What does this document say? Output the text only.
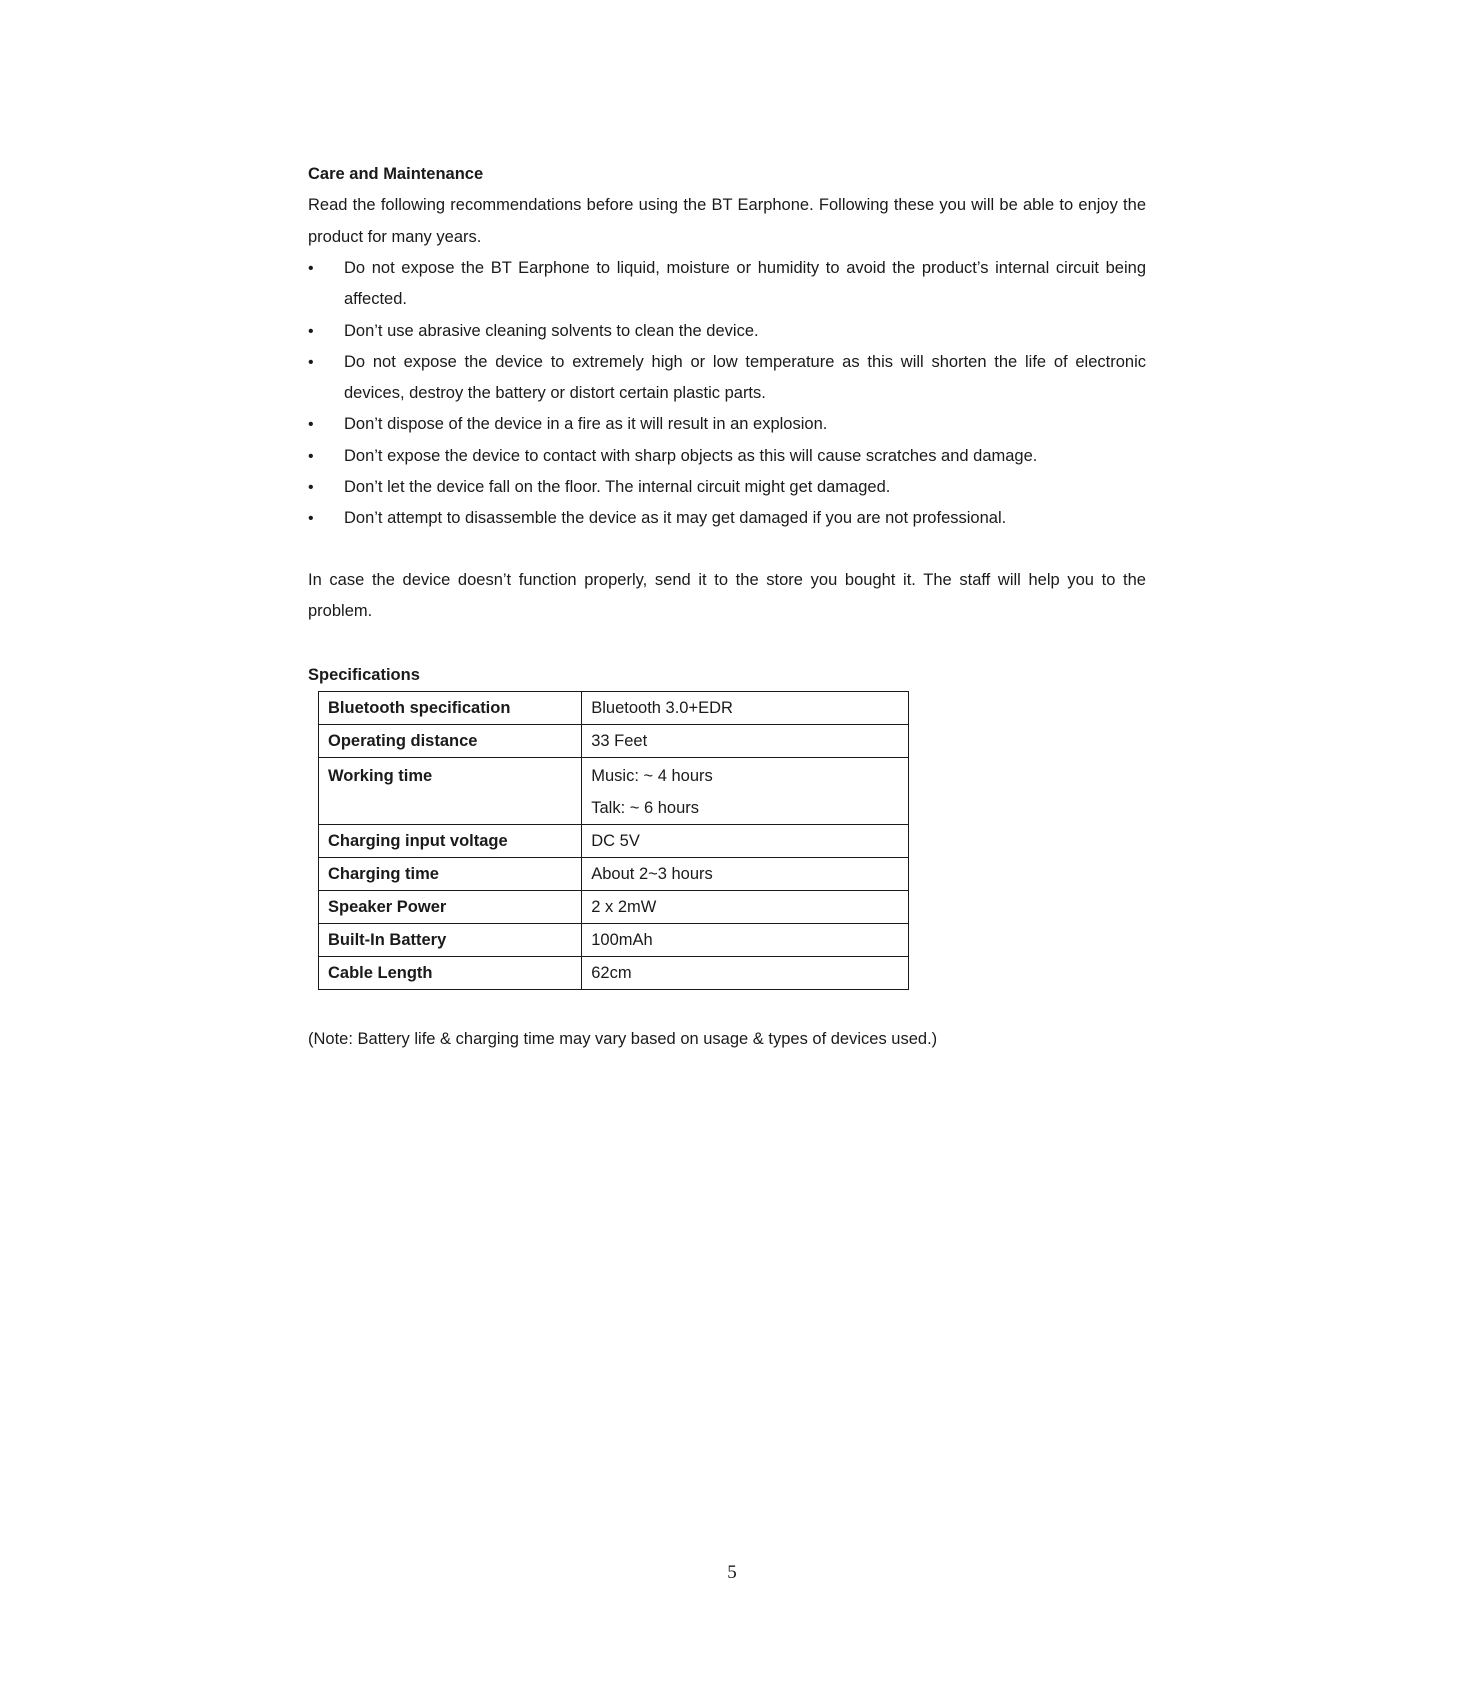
Care and Maintenance

Read the following recommendations before using the BT Earphone. Following these you will be able to enjoy the product for many years.

•	Do not expose the BT Earphone to liquid, moisture or humidity to avoid the product’s internal circuit being affected.
•	Don’t use abrasive cleaning solvents to clean the device.
•	Do not expose the device to extremely high or low temperature as this will shorten the life of electronic devices, destroy the battery or distort certain plastic parts.
•	Don’t dispose of the device in a fire as it will result in an explosion.
•	Don’t expose the device to contact with sharp objects as this will cause scratches and damage.
•	Don’t let the device fall on the floor. The internal circuit might get damaged.
•	Don’t attempt to disassemble the device as it may get damaged if you are not professional.

In case the device doesn’t function properly, send it to the store you bought it. The staff will help you to the problem.

Specifications
Bluetooth specification	Bluetooth 3.0+EDR

Operating distance	33 Feet

Working time	Music: ~ 4 hours
Talk: ~ 6 hours

Charging input voltage	DC 5V

Charging time	About 2~3 hours

Speaker Power	2 x 2mW

Built-In Battery	100mAh

Cable Length	62cm

(Note: Battery life & charging time may vary based on usage & types of devices used.)

5
